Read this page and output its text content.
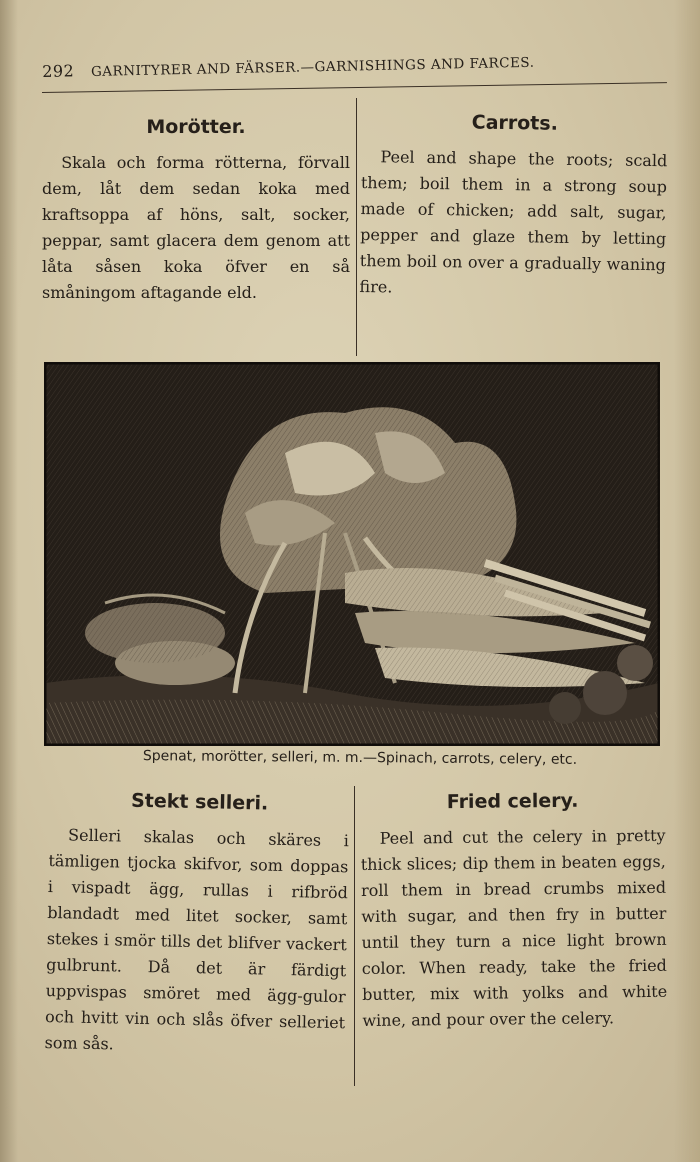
292 GARNITYRER AND FÄRSER.—GARNISHINGS AND FARCES.
Morötter.

Skala och forma rötterna, förvall dem, låt dem sedan koka med kraftsoppa af höns, salt, socker, peppar, samt glacera dem genom att låta såsen koka öfver en så småningom aftagande eld.

Carrots.

Peel and shape the roots; scald them; boil them in a strong soup made of chicken; add salt, sugar, pepper and glaze them by letting them boil on over a gradually waning fire.

Spenat, morötter, selleri, m. m.—Spinach, carrots, celery, etc.
Stekt selleri.

Selleri skalas och skäres i tämligen tjocka skifvor, som doppas i vispadt ägg, rullas i rifbröd blandadt med litet socker, samt stekes i smör tills det blifver vackert gulbrunt. Då det är färdigt uppvispas smöret med ägg-gulor och hvitt vin och slås öfver selleriet som sås.

Fried celery.

Peel and cut the celery in pretty thick slices; dip them in beaten eggs, roll them in bread crumbs mixed with sugar, and then fry in butter until they turn a nice light brown color. When ready, take the fried butter, mix with yolks and white wine, and pour over the celery.
